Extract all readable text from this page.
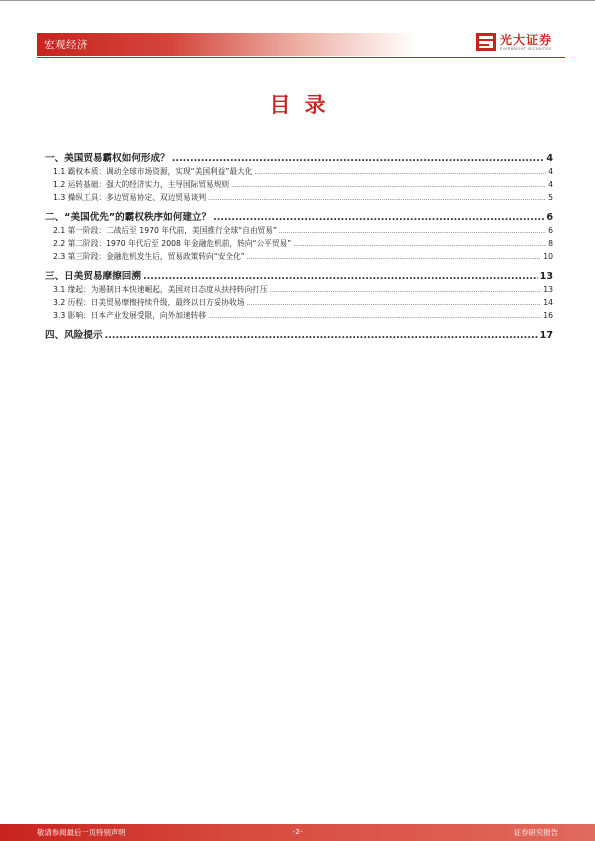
宏观经济	光大证券
EVERBRIGHT SECURITIES
目录
一、美国贸易霸权如何形成？ .....	4
1.1 霸权本质：调动全球市场资源，实现“美国利益”最大化 .....	4
1.2 运转基础：强大的经济实力、主导国际贸易规则 .....	4
1.3 操纵工具：多边贸易协定、双边贸易谈判 .....	5
二、“美国优先”的霸权秩序如何建立？ .....	6
2.1 第一阶段：二战后至 1970 年代前，美国推行全球“自由贸易” .....	6
2.2 第二阶段：1970 年代后至 2008 年金融危机前，转向“公平贸易” .....	8
2.3 第三阶段：金融危机发生后，贸易政策转向“安全化” .....	10
三、日美贸易摩擦回溯 .....	13
3.1 缘起：为遏制日本快速崛起，美国对日态度从扶持转向打压 .....	13
3.2 历程：日美贸易摩擦持续升级，最终以日方妥协收场 .....	14
3.3 影响：日本产业发展受限，向外加速转移 .....	16
四、风险提示 .....	17
敬请参阅最后一页特别声明	-2-	证券研究报告
